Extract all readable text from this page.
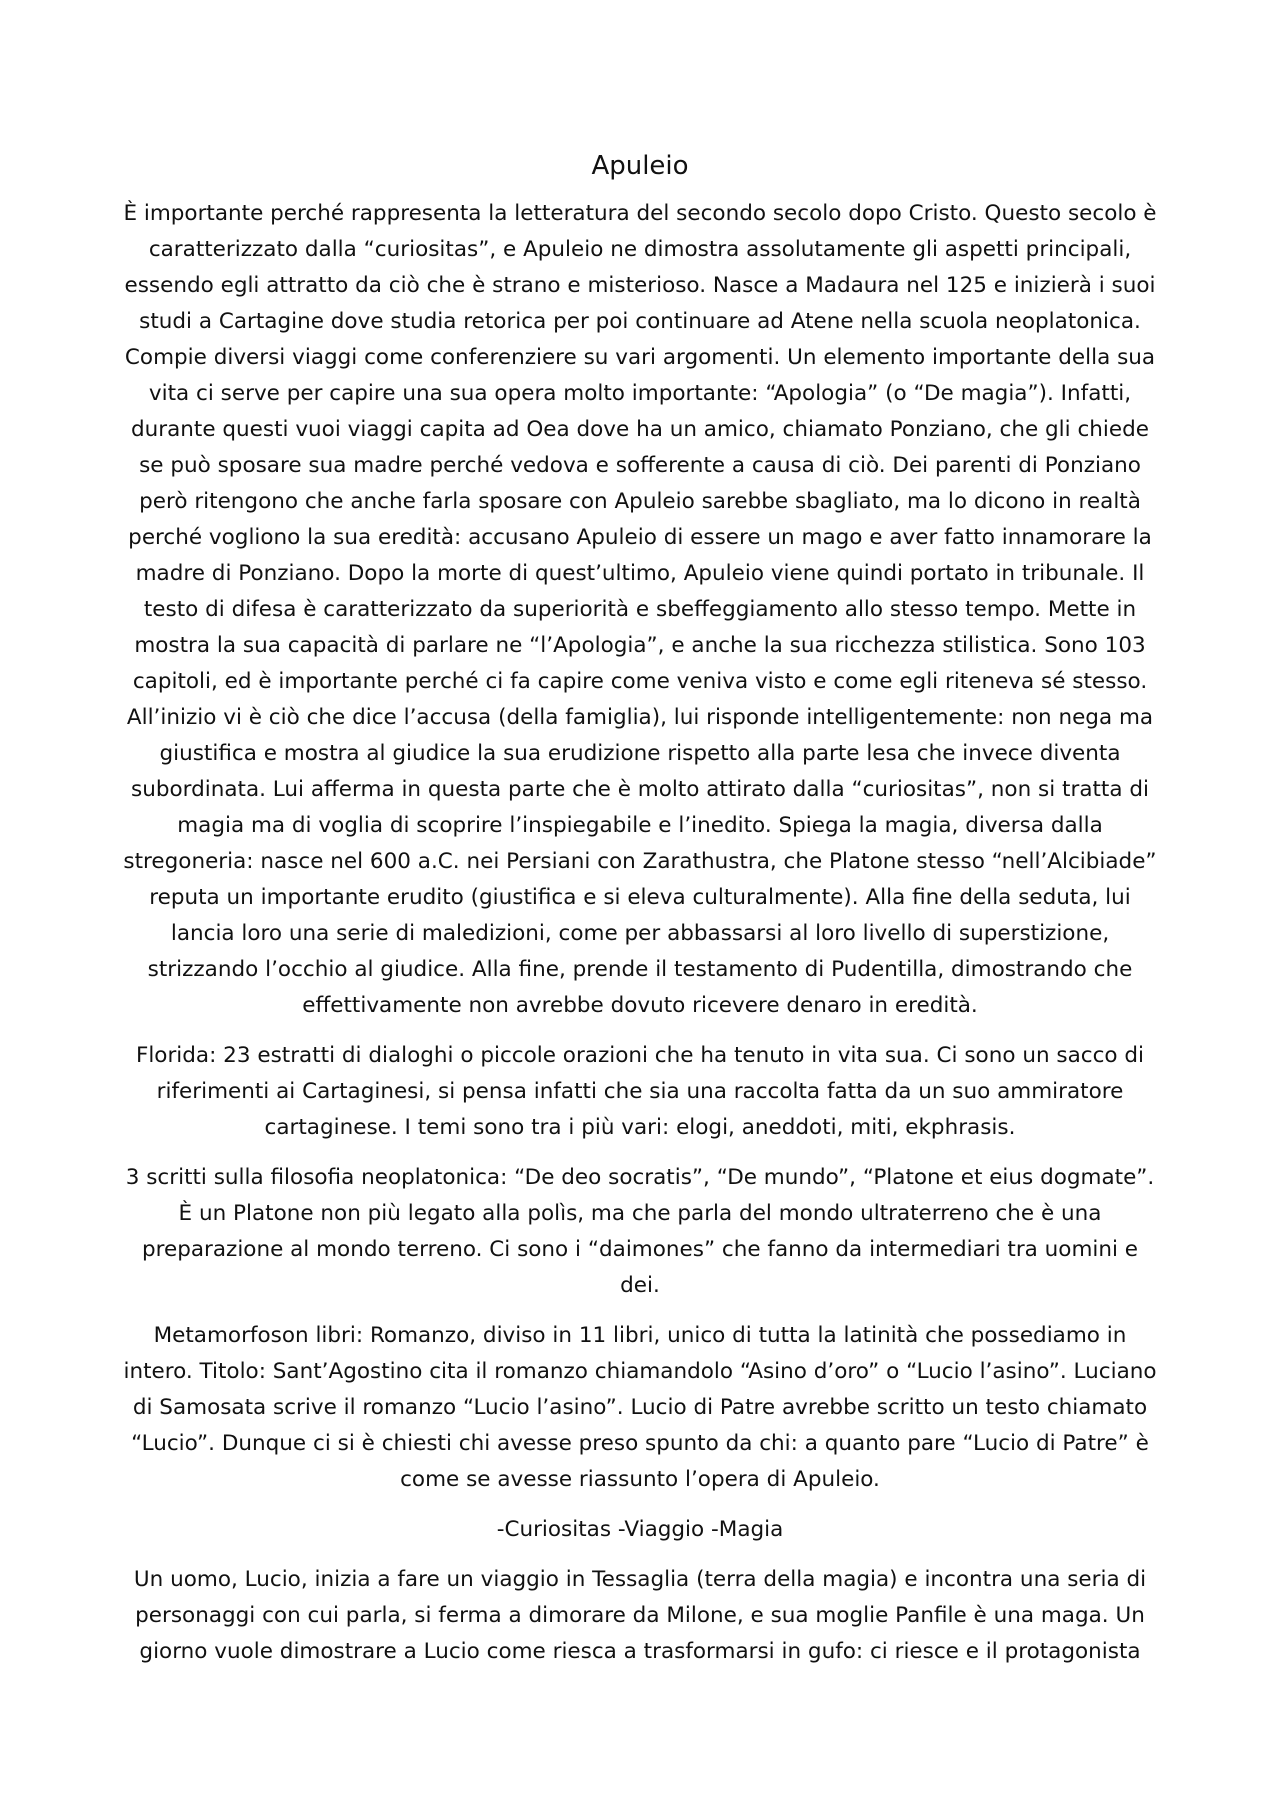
Apuleio

È importante perché rappresenta la letteratura del secondo secolo dopo Cristo. Questo secolo è caratterizzato dalla “curiositas”, e Apuleio ne dimostra assolutamente gli aspetti principali, essendo egli attratto da ciò che è strano e misterioso. Nasce a Madaura nel 125 e inizierà i suoi studi a Cartagine dove studia retorica per poi continuare ad Atene nella scuola neoplatonica. Compie diversi viaggi come conferenziere su vari argomenti. Un elemento importante della sua vita ci serve per capire una sua opera molto importante: “Apologia” (o “De magia”). Infatti, durante questi vuoi viaggi capita ad Oea dove ha un amico, chiamato Ponziano, che gli chiede se può sposare sua madre perché vedova e sofferente a causa di ciò. Dei parenti di Ponziano però ritengono che anche farla sposare con Apuleio sarebbe sbagliato, ma lo dicono in realtà perché vogliono la sua eredità: accusano Apuleio di essere un mago e aver fatto innamorare la madre di Ponziano. Dopo la morte di quest’ultimo, Apuleio viene quindi portato in tribunale. Il testo di difesa è caratterizzato da superiorità e sbeffeggiamento allo stesso tempo. Mette in mostra la sua capacità di parlare ne “l’Apologia”, e anche la sua ricchezza stilistica. Sono 103 capitoli, ed è importante perché ci fa capire come veniva visto e come egli riteneva sé stesso. All’inizio vi è ciò che dice l’accusa (della famiglia), lui risponde intelligentemente: non nega ma giustifica e mostra al giudice la sua erudizione rispetto alla parte lesa che invece diventa subordinata. Lui afferma in questa parte che è molto attirato dalla “curiositas”, non si tratta di magia ma di voglia di scoprire l’inspiegabile e l’inedito. Spiega la magia, diversa dalla stregoneria: nasce nel 600 a.C. nei Persiani con Zarathustra, che Platone stesso “nell’Alcibiade” reputa un importante erudito (giustifica e si eleva culturalmente). Alla fine della seduta, lui lancia loro una serie di maledizioni, come per abbassarsi al loro livello di superstizione, strizzando l’occhio al giudice. Alla fine, prende il testamento di Pudentilla, dimostrando che effettivamente non avrebbe dovuto ricevere denaro in eredità.

Florida: 23 estratti di dialoghi o piccole orazioni che ha tenuto in vita sua. Ci sono un sacco di riferimenti ai Cartaginesi, si pensa infatti che sia una raccolta fatta da un suo ammiratore cartaginese. I temi sono tra i più vari: elogi, aneddoti, miti, ekphrasis.

3 scritti sulla filosofia neoplatonica: “De deo socratis”, “De mundo”, “Platone et eius dogmate”. È un Platone non più legato alla polìs, ma che parla del mondo ultraterreno che è una preparazione al mondo terreno. Ci sono i “daimones” che fanno da intermediari tra uomini e dei.

Metamorfoson libri: Romanzo, diviso in 11 libri, unico di tutta la latinità che possediamo in intero. Titolo: Sant’Agostino cita il romanzo chiamandolo “Asino d’oro” o “Lucio l’asino”. Luciano di Samosata scrive il romanzo “Lucio l’asino”. Lucio di Patre avrebbe scritto un testo chiamato “Lucio”. Dunque ci si è chiesti chi avesse preso spunto da chi: a quanto pare “Lucio di Patre” è come se avesse riassunto l’opera di Apuleio.

-Curiositas -Viaggio -Magia

Un uomo, Lucio, inizia a fare un viaggio in Tessaglia (terra della magia) e incontra una seria di personaggi con cui parla, si ferma a dimorare da Milone, e sua moglie Panfile è una maga. Un giorno vuole dimostrare a Lucio come riesca a trasformarsi in gufo: ci riesce e il protagonista
